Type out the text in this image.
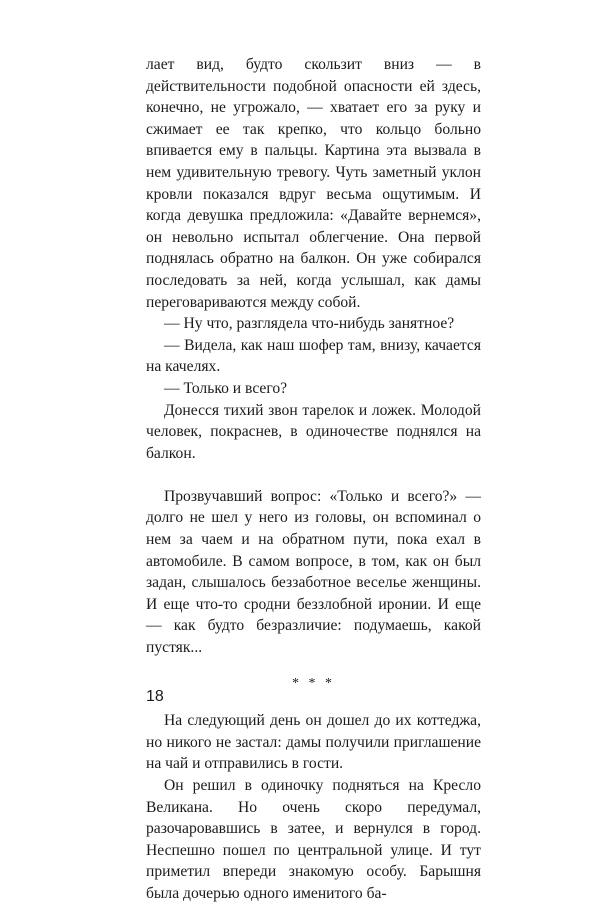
лает вид, будто скользит вниз — в действительности подобной опасности ей здесь, конечно, не угрожало, — хватает его за руку и сжимает ее так крепко, что кольцо больно впивается ему в пальцы. Картина эта вызвала в нем удивительную тревогу. Чуть заметный уклон кровли показался вдруг весьма ощутимым. И когда девушка предложила: «Давайте вернемся», он невольно испытал облегчение. Она первой поднялась обратно на балкон. Он уже собирался последовать за ней, когда услышал, как дамы переговариваются между собой.

— Ну что, разглядела что-нибудь занятное?

— Видела, как наш шофер там, внизу, качается на качелях.

— Только и всего?

Донесся тихий звон тарелок и ложек. Молодой человек, покраснев, в одиночестве поднялся на балкон.

Прозвучавший вопрос: «Только и всего?» — долго не шел у него из головы, он вспоминал о нем за чаем и на обратном пути, пока ехал в автомобиле. В самом вопросе, в том, как он был задан, слышалось беззаботное веселье женщины. И еще что-то сродни беззлобной иронии. И еще — как будто безразличие: подумаешь, какой пустяк...

* * *

На следующий день он дошел до их коттеджа, но никого не застал: дамы получили приглашение на чай и отправились в гости.

Он решил в одиночку подняться на Кресло Великана. Но очень скоро передумал, разочаровавшись в затее, и вернулся в город. Неспешно пошел по центральной улице. И тут приметил впереди знакомую особу. Барышня была дочерью одного именитого ба-

18
